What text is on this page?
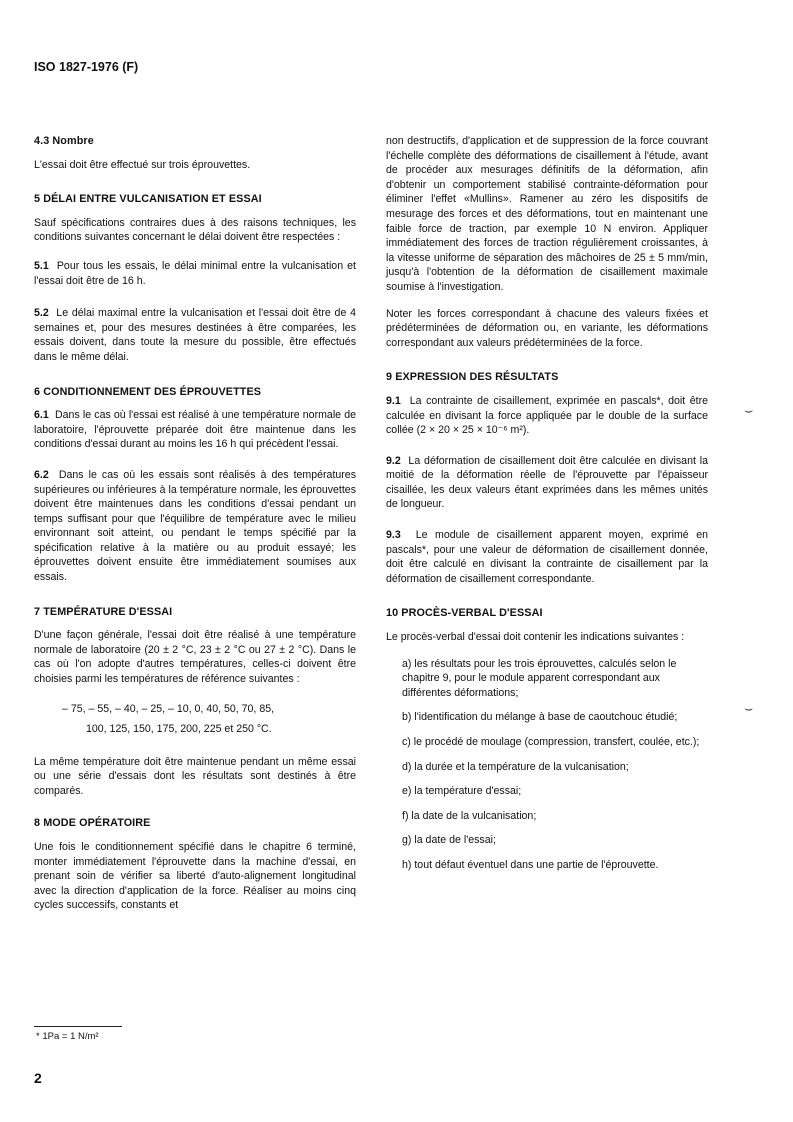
ISO 1827-1976 (F)
4.3 Nombre

L'essai doit être effectué sur trois éprouvettes.

5 DÉLAI ENTRE VULCANISATION ET ESSAI

Sauf spécifications contraires dues à des raisons techniques, les conditions suivantes concernant le délai doivent être respectées :

5.1 Pour tous les essais, le délai minimal entre la vulcanisation et l'essai doit être de 16 h.

5.2 Le délai maximal entre la vulcanisation et l'essai doit être de 4 semaines et, pour des mesures destinées à être comparées, les essais doivent, dans toute la mesure du possible, être effectués dans le même délai.

6 CONDITIONNEMENT DES ÉPROUVETTES

6.1 Dans le cas où l'essai est réalisé à une température normale de laboratoire, l'éprouvette préparée doit être maintenue dans les conditions d'essai durant au moins les 16 h qui précèdent l'essai.

6.2 Dans le cas où les essais sont réalisés à des températures supérieures ou inférieures à la température normale, les éprouvettes doivent être maintenues dans les conditions d'essai pendant un temps suffisant pour que l'équilibre de température avec le milieu environnant soit atteint, ou pendant le temps spécifié par la spécification relative à la matière ou au produit essayé; les éprouvettes doivent ensuite être immédiatement soumises aux essais.

7 TEMPÉRATURE D'ESSAI

D'une façon générale, l'essai doit être réalisé à une température normale de laboratoire (20 ± 2 °C, 23 ± 2 °C ou 27 ± 2 °C). Dans le cas où l'on adopte d'autres températures, celles-ci doivent être choisies parmi les températures de référence suivantes :

– 75, – 55, – 40, – 25, – 10, 0, 40, 50, 70, 85,

100, 125, 150, 175, 200, 225 et 250 °C.

La même température doit être maintenue pendant un même essai ou une série d'essais dont les résultats sont destinés à être comparés.

8 MODE OPÉRATOIRE

Une fois le conditionnement spécifié dans le chapitre 6 terminé, monter immédiatement l'éprouvette dans la machine d'essai, en prenant soin de vérifier sa liberté d'auto-alignement longitudinal avec la direction d'application de la force. Réaliser au moins cinq cycles successifs, constants et

non destructifs, d'application et de suppression de la force couvrant l'échelle complète des déformations de cisaillement à l'étude, avant de procéder aux mesurages définitifs de la déformation, afin d'obtenir un comportement stabilisé contrainte-déformation pour éliminer l'effet «Mullins». Ramener au zéro les dispositifs de mesurage des forces et des déformations, tout en maintenant une faible force de traction, par exemple 10 N environ. Appliquer immédiatement des forces de traction régulièrement croissantes, à la vitesse uniforme de séparation des mâchoires de 25 ± 5 mm/min, jusqu'à l'obtention de la déformation de cisaillement maximale soumise à l'investigation.

Noter les forces correspondant à chacune des valeurs fixées et prédéterminées de déformation ou, en variante, les déformations correspondant aux valeurs prédéterminées de la force.

9 EXPRESSION DES RÉSULTATS

9.1 La contrainte de cisaillement, exprimée en pascals*, doit être calculée en divisant la force appliquée par le double de la surface collée (2 × 20 × 25 × 10⁻⁶ m²).

9.2 La déformation de cisaillement doit être calculée en divisant la moitié de la déformation réelle de l'éprouvette par l'épaisseur cisaillée, les deux valeurs étant exprimées dans les mêmes unités de longueur.

9.3 Le module de cisaillement apparent moyen, exprimé en pascals*, pour une valeur de déformation de cisaillement donnée, doit être calculé en divisant la contrainte de cisaillement par la déformation de cisaillement correspondante.

10 PROCÈS-VERBAL D'ESSAI

Le procès-verbal d'essai doit contenir les indications suivantes :

a) les résultats pour les trois éprouvettes, calculés selon le chapitre 9, pour le module apparent correspondant aux différentes déformations;

b) l'identification du mélange à base de caoutchouc étudié;

c) le procédé de moulage (compression, transfert, coulée, etc.);

d) la durée et la température de la vulcanisation;

e) la température d'essai;

f) la date de la vulcanisation;

g) la date de l'essai;

h) tout défaut éventuel dans une partie de l'éprouvette.

⌣
⌣
* 1Pa = 1 N/m²
2
